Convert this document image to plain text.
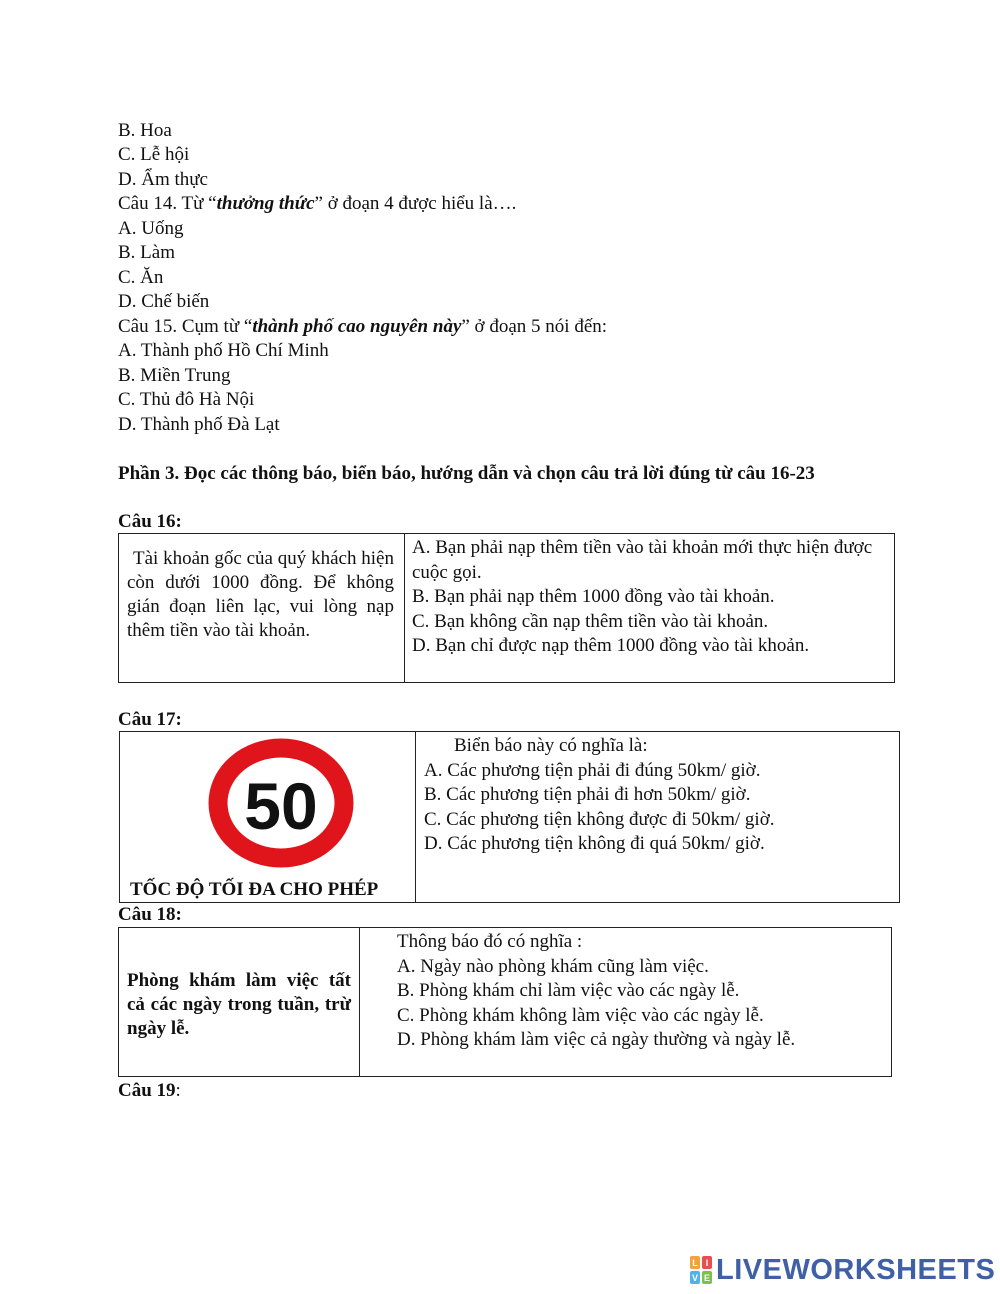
B. Hoa
C. Lễ hội
D. Ẩm thực
Câu 14. Từ “thưởng thức” ở đoạn 4 được hiểu là….
A. Uống
B. Làm
C. Ăn
D. Chế biến
Câu 15. Cụm từ “thành phố cao nguyên này” ở đoạn 5 nói đến:
A. Thành phố Hồ Chí Minh
B. Miền Trung
C. Thủ đô Hà Nội
D. Thành phố Đà Lạt
Phần 3. Đọc các thông báo, biển báo, hướng dẫn và chọn câu trả lời đúng từ câu 16-23
Câu 16:
Tài khoản gốc của quý khách hiện còn dưới 1000 đồng. Để không gián đoạn liên lạc, vui lòng nạp thêm tiền vào tài khoản.
A. Bạn phải nạp thêm tiền vào tài khoản mới thực hiện được cuộc gọi.
B. Bạn phải nạp thêm 1000 đồng vào tài khoản.
C. Bạn không cần nạp thêm tiền vào tài khoản.
D. Bạn chỉ được nạp thêm 1000 đồng vào tài khoản.
Câu 17:
50
TỐC ĐỘ TỐI ĐA CHO PHÉP
Biển báo này có nghĩa là:
A. Các phương tiện phải đi đúng 50km/ giờ.
B. Các phương tiện phải đi hơn 50km/ giờ.
C. Các phương tiện không được đi 50km/ giờ.
D. Các phương tiện không đi quá 50km/ giờ.
Câu 18:
Phòng khám làm việc tất cả các ngày trong tuần, trừ ngày lễ.
Thông báo đó có nghĩa :
A. Ngày nào phòng khám cũng làm việc.
B. Phòng khám chỉ làm việc vào các ngày lễ.
C. Phòng khám không làm việc vào các ngày lễ.
D. Phòng khám làm việc cả ngày thường và ngày lễ.
Câu 19:
L I
V E LIVEWORKSHEETS
